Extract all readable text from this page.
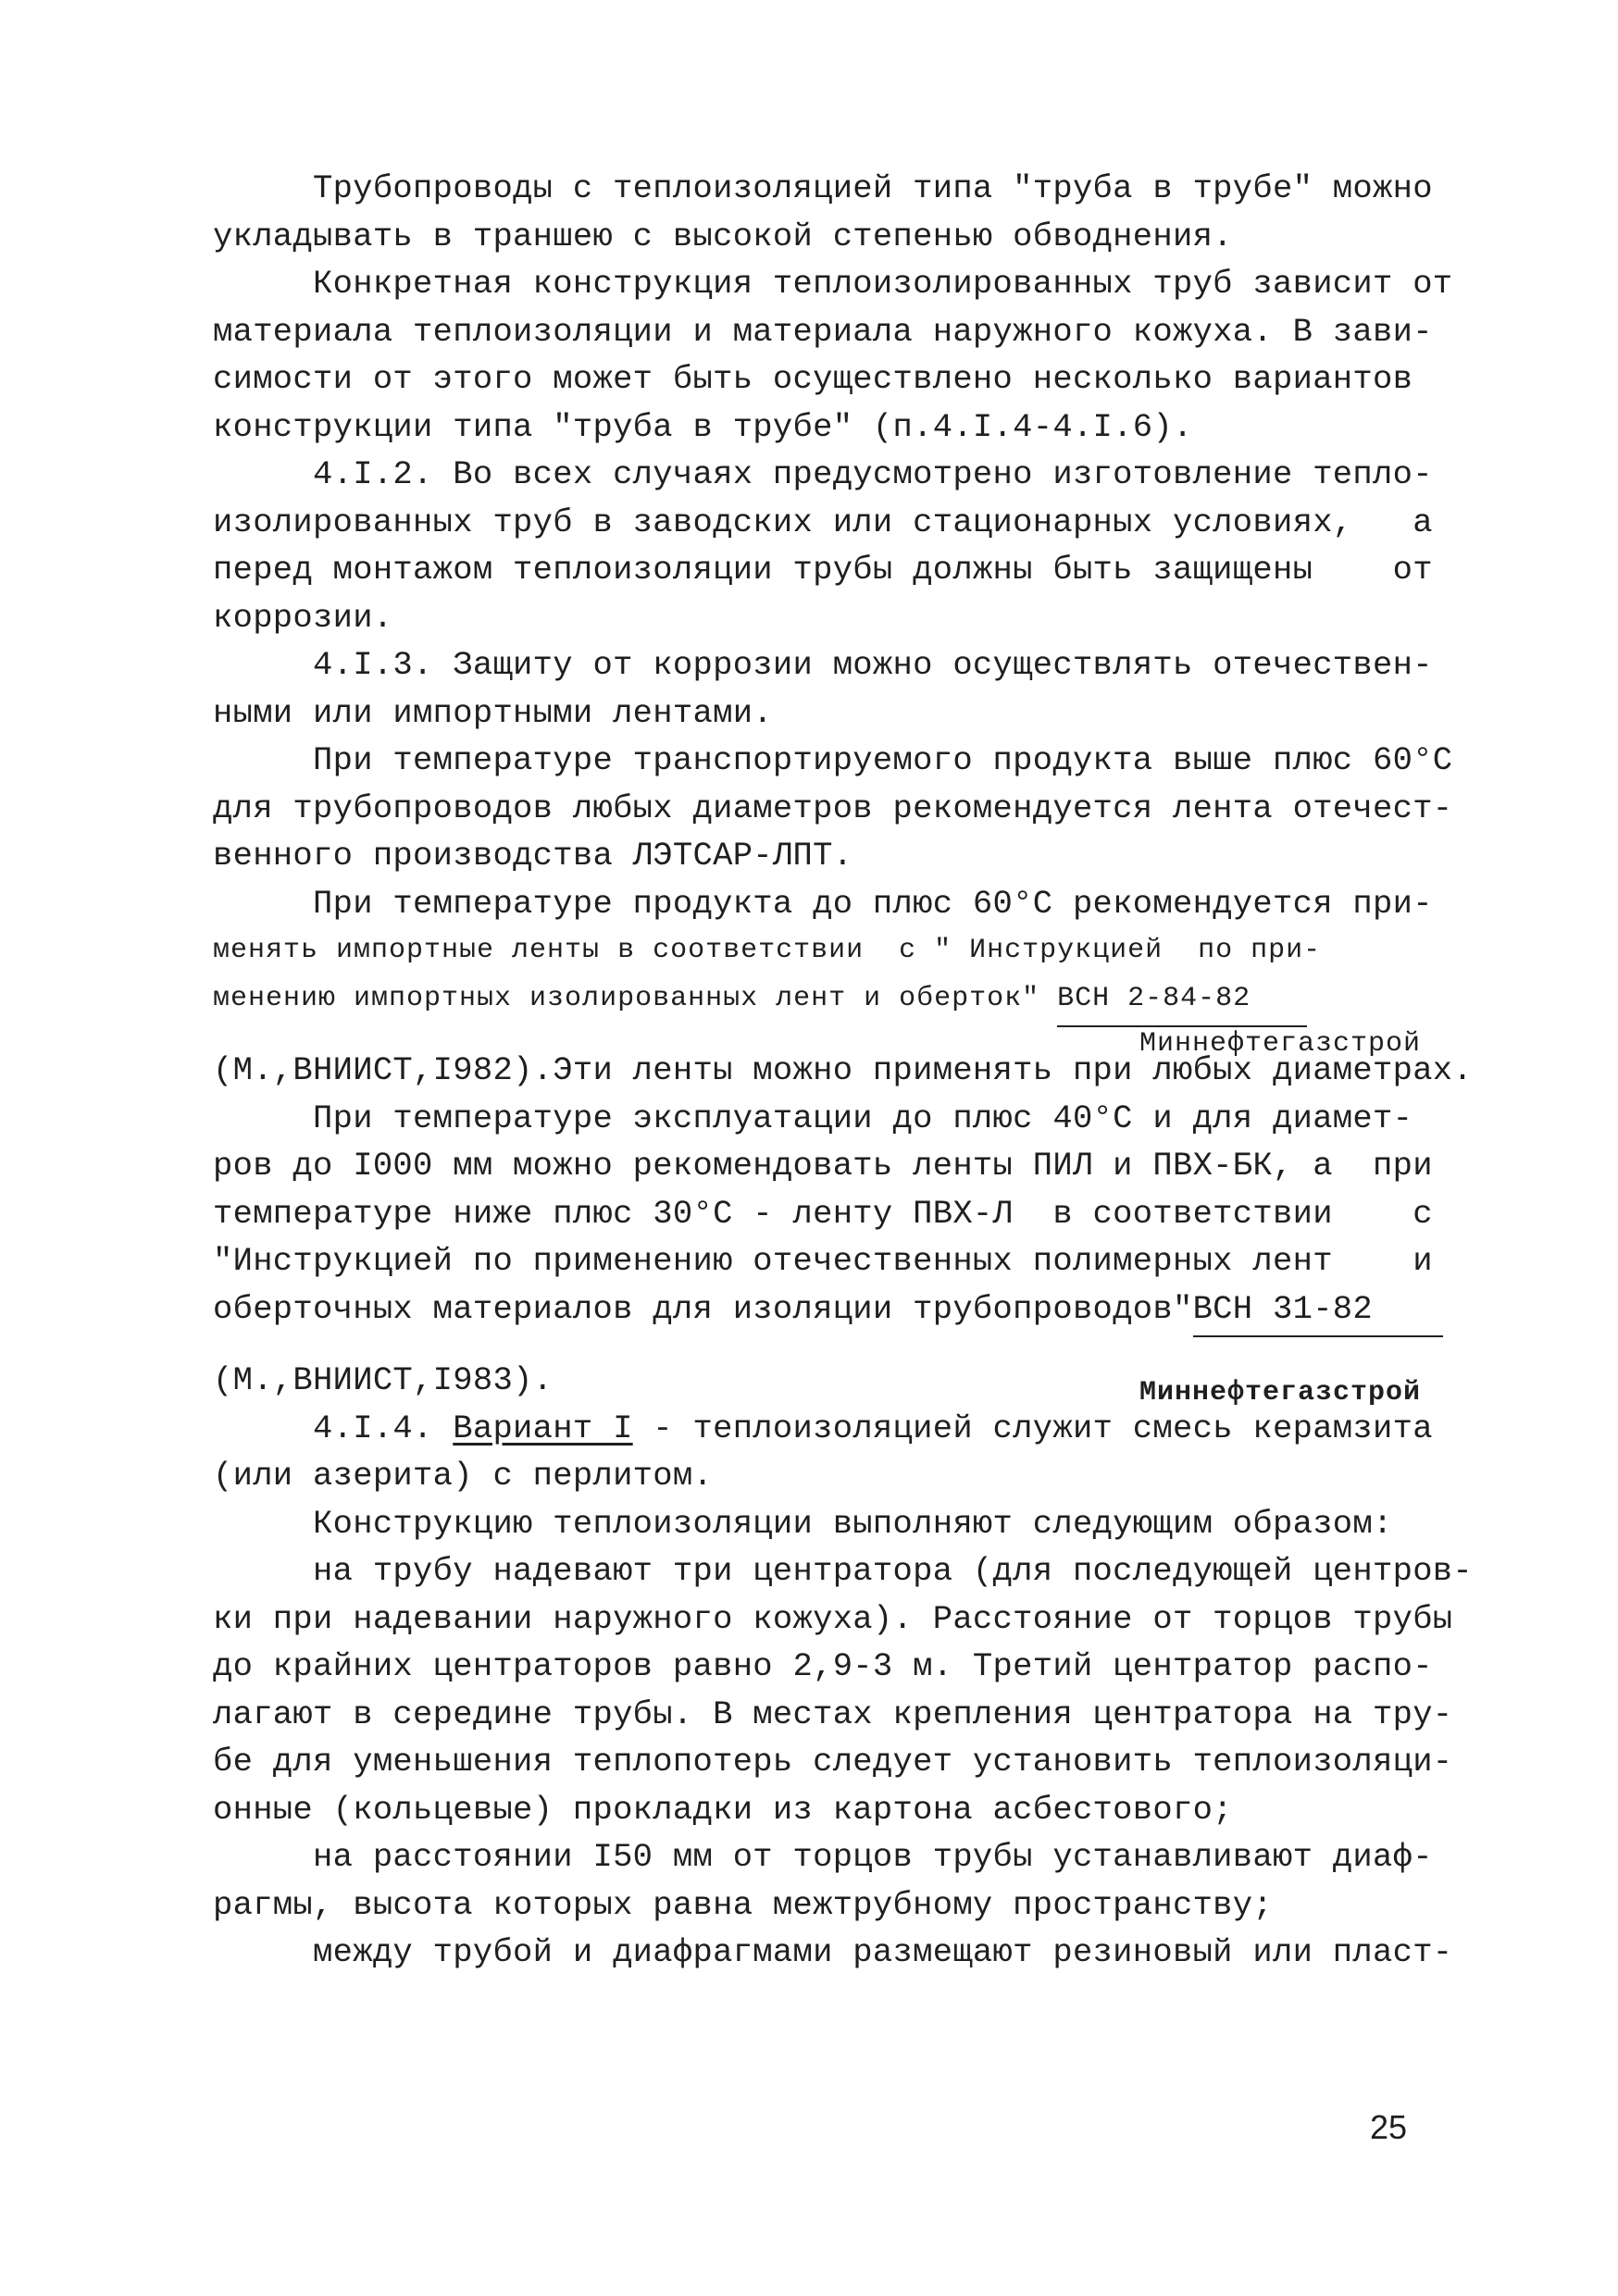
Трубопроводы с теплоизоляцией типа "труба в трубе" можно
укладывать в траншею с высокой степенью обводнения.
Конкретная конструкция теплоизолированных труб зависит от
материала теплоизоляции и материала наружного кожуха. В зави-
симости от этого может быть осуществлено несколько вариантов
конструкции типа "труба в трубе" (п.4.I.4-4.I.6).
4.I.2. Во всех случаях предусмотрено изготовление тепло-
изолированных труб в заводских или стационарных условиях,   а
перед монтажом теплоизоляции трубы должны быть защищены    от
коррозии.
4.I.3. Защиту от коррозии можно осуществлять отечествен-
ными или импортными лентами.
При температуре транспортируемого продукта выше плюс 60°С
для трубопроводов любых диаметров рекомендуется лента отечест-
венного производства ЛЭТСАР-ЛПТ.
При температуре продукта до плюс 60°С рекомендуется при-
менять импортные ленты в соответствии  с " Инструкцией  по при-
менению импортных изолированных лент и оберток" ВСН 2-84-82
(М.,ВНИИСТ,I982).Эти ленты можно применять при любых диаметрах.
При температуре эксплуатации до плюс 40°С и для диамет-
ров до I000 мм можно рекомендовать ленты ПИЛ и ПВХ-БК, а  при
температуре ниже плюс 30°С - ленту ПВХ-Л  в соответствии    с
"Инструкцией по применению отечественных полимерных лент    и
оберточных материалов для изоляции трубопроводов"ВСН 31-82
(М.,ВНИИСТ,I983).
4.I.4. Вариант I - теплоизоляцией служит смесь керамзита
(или азерита) с перлитом.
Конструкцию теплоизоляции выполняют следующим образом:
на трубу надевают три центратора (для последующей центров-
ки при надевании наружного кожуха). Расстояние от торцов трубы
до крайних центраторов равно 2,9-3 м. Третий центратор распо-
лагают в середине трубы. В местах крепления центратора на тру-
бе для уменьшения теплопотерь следует установить теплоизоляци-
онные (кольцевые) прокладки из картона асбестового;
на расстоянии I50 мм от торцов трубы устанавливают диаф-
рагмы, высота которых равна межтрубному пространству;
между трубой и диафрагмами размещают резиновый или пласт-
Миннефтегазстрой
Миннефтегазстрой
25
